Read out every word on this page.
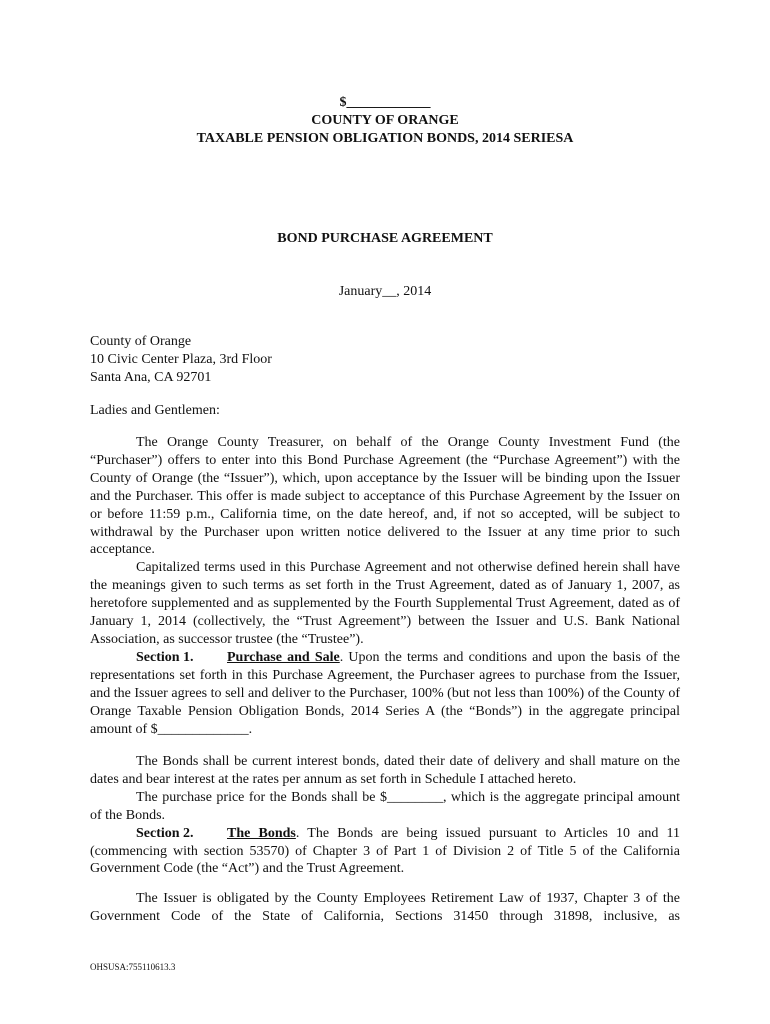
$____________
COUNTY OF ORANGE
TAXABLE PENSION OBLIGATION BONDS, 2014 SERIESA
BOND PURCHASE AGREEMENT
January__, 2014
County of Orange
10 Civic Center Plaza, 3rd Floor
Santa Ana, CA 92701
Ladies and Gentlemen:
The Orange County Treasurer, on behalf of the Orange County Investment Fund (the “Purchaser”) offers to enter into this Bond Purchase Agreement (the “Purchase Agreement”) with the County of Orange (the “Issuer”), which, upon acceptance by the Issuer will be binding upon the Issuer and the Purchaser. This offer is made subject to acceptance of this Purchase Agreement by the Issuer on or before 11:59 p.m., California time, on the date hereof, and, if not so accepted, will be subject to withdrawal by the Purchaser upon written notice delivered to the Issuer at any time prior to such acceptance.
Capitalized terms used in this Purchase Agreement and not otherwise defined herein shall have the meanings given to such terms as set forth in the Trust Agreement, dated as of January 1, 2007, as heretofore supplemented and as supplemented by the Fourth Supplemental Trust Agreement, dated as of January 1, 2014 (collectively, the “Trust Agreement”) between the Issuer and U.S. Bank National Association, as successor trustee (the “Trustee”).
Section 1. Purchase and Sale. Upon the terms and conditions and upon the basis of the representations set forth in this Purchase Agreement, the Purchaser agrees to purchase from the Issuer, and the Issuer agrees to sell and deliver to the Purchaser, 100% (but not less than 100%) of the County of Orange Taxable Pension Obligation Bonds, 2014 Series A (the “Bonds”) in the aggregate principal amount of $_____________.
The Bonds shall be current interest bonds, dated their date of delivery and shall mature on the dates and bear interest at the rates per annum as set forth in Schedule I attached hereto.
The purchase price for the Bonds shall be $________, which is the aggregate principal amount of the Bonds.
Section 2. The Bonds. The Bonds are being issued pursuant to Articles 10 and 11 (commencing with section 53570) of Chapter 3 of Part 1 of Division 2 of Title 5 of the California Government Code (the “Act”) and the Trust Agreement.
The Issuer is obligated by the County Employees Retirement Law of 1937, Chapter 3 of the Government Code of the State of California, Sections 31450 through 31898, inclusive, as
OHSUSA:755110613.3
